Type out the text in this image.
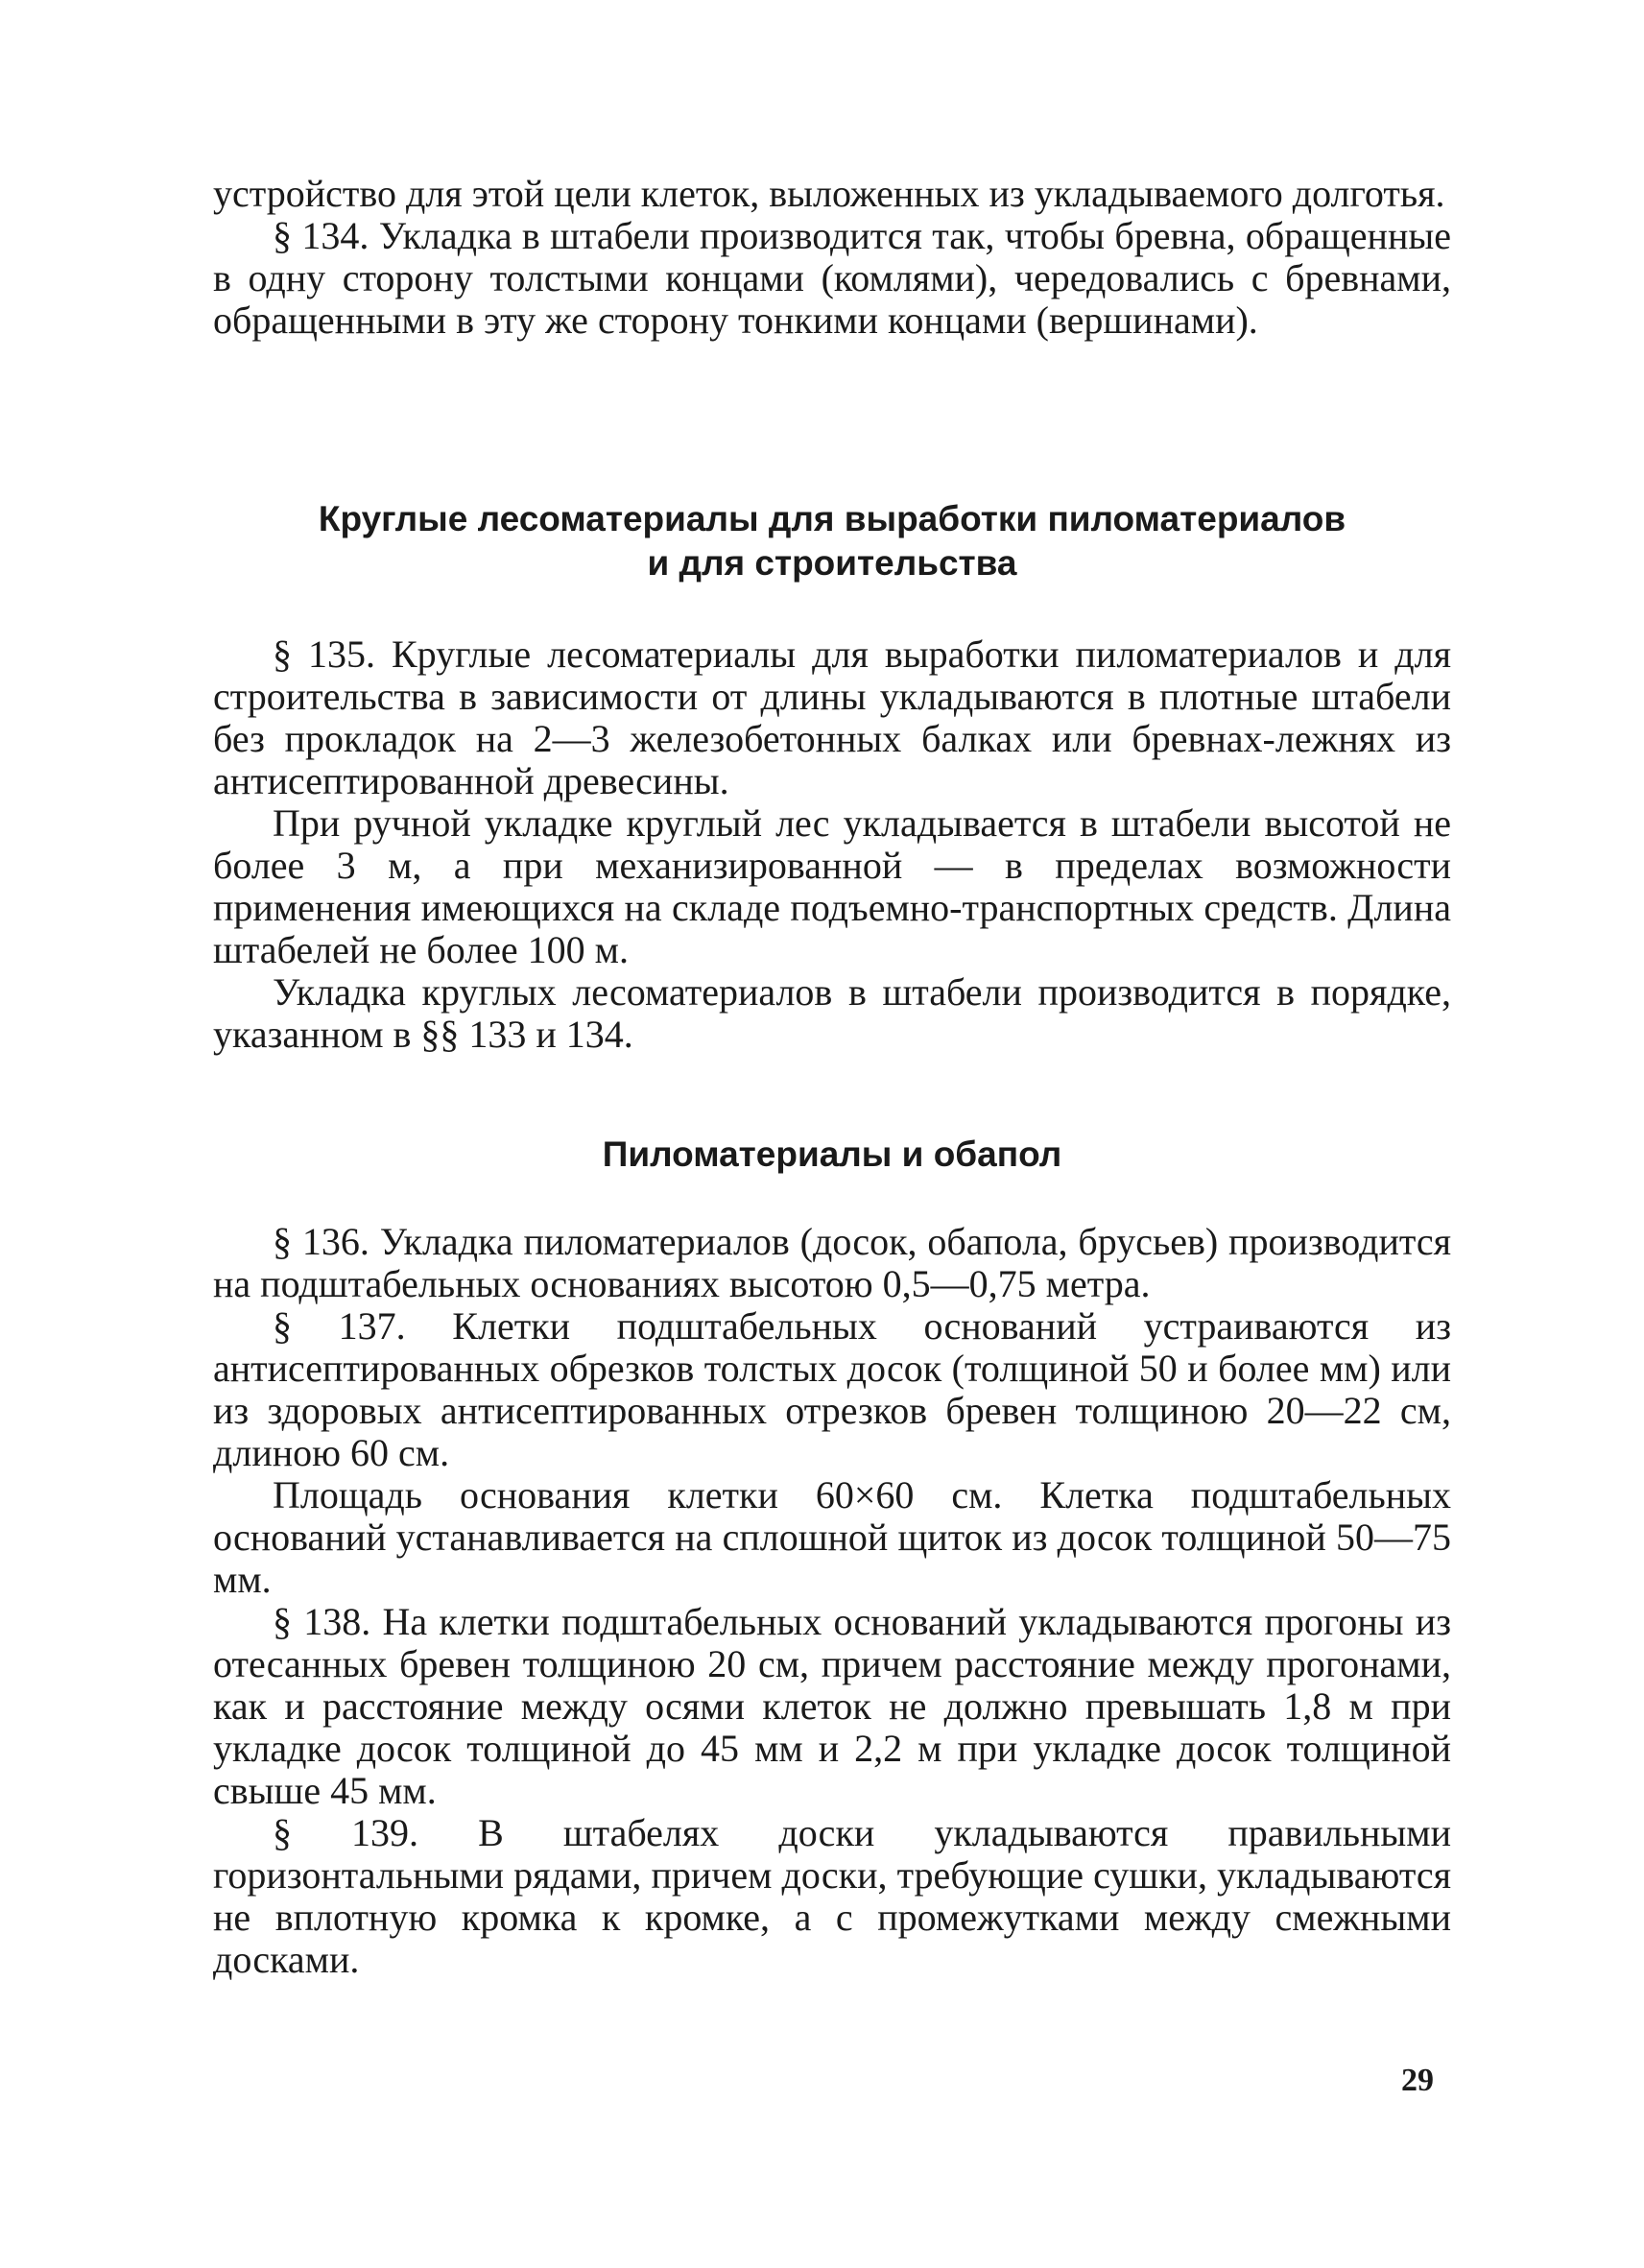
устройство для этой цели клеток, выложенных из укладываемого долготья.

§ 134. Укладка в штабели производится так, чтобы бревна, обращенные в одну сторону толстыми концами (комлями), чередовались с бревнами, обращенными в эту же сторону тонкими концами (вершинами).

Круглые лесоматериалы для выработки пиломатериалов
и для строительства

§ 135. Круглые лесоматериалы для выработки пиломатериалов и для строительства в зависимости от длины укладываются в плотные штабели без прокладок на 2—3 железобетонных балках или бревнах-лежнях из антисептированной древесины.

При ручной укладке круглый лес укладывается в штабели высотой не более 3 м, а при механизированной — в пределах возможности применения имеющихся на складе подъемно-транспортных средств. Длина штабелей не более 100 м.

Укладка круглых лесоматериалов в штабели производится в порядке, указанном в §§ 133 и 134.

Пиломатериалы и обапол

§ 136. Укладка пиломатериалов (досок, обапола, брусьев) производится на подштабельных основаниях высотою 0,5—0,75 метра.

§ 137. Клетки подштабельных оснований устраиваются из антисептированных обрезков толстых досок (толщиной 50 и более мм) или из здоровых антисептированных отрезков бревен толщиною 20—22 см, длиною 60 см.

Площадь основания клетки 60×60 см. Клетка подштабельных оснований устанавливается на сплошной щиток из досок толщиной 50—75 мм.

§ 138. На клетки подштабельных оснований укладываются прогоны из отесанных бревен толщиною 20 см, причем расстояние между прогонами, как и расстояние между осями клеток не должно превышать 1,8 м при укладке досок толщиной до 45 мм и 2,2 м при укладке досок толщиной свыше 45 мм.

§ 139. В штабелях доски укладываются правильными горизонтальными рядами, причем доски, требующие сушки, укладываются не вплотную кромка к кромке, а с промежутками между смежными досками.

29
